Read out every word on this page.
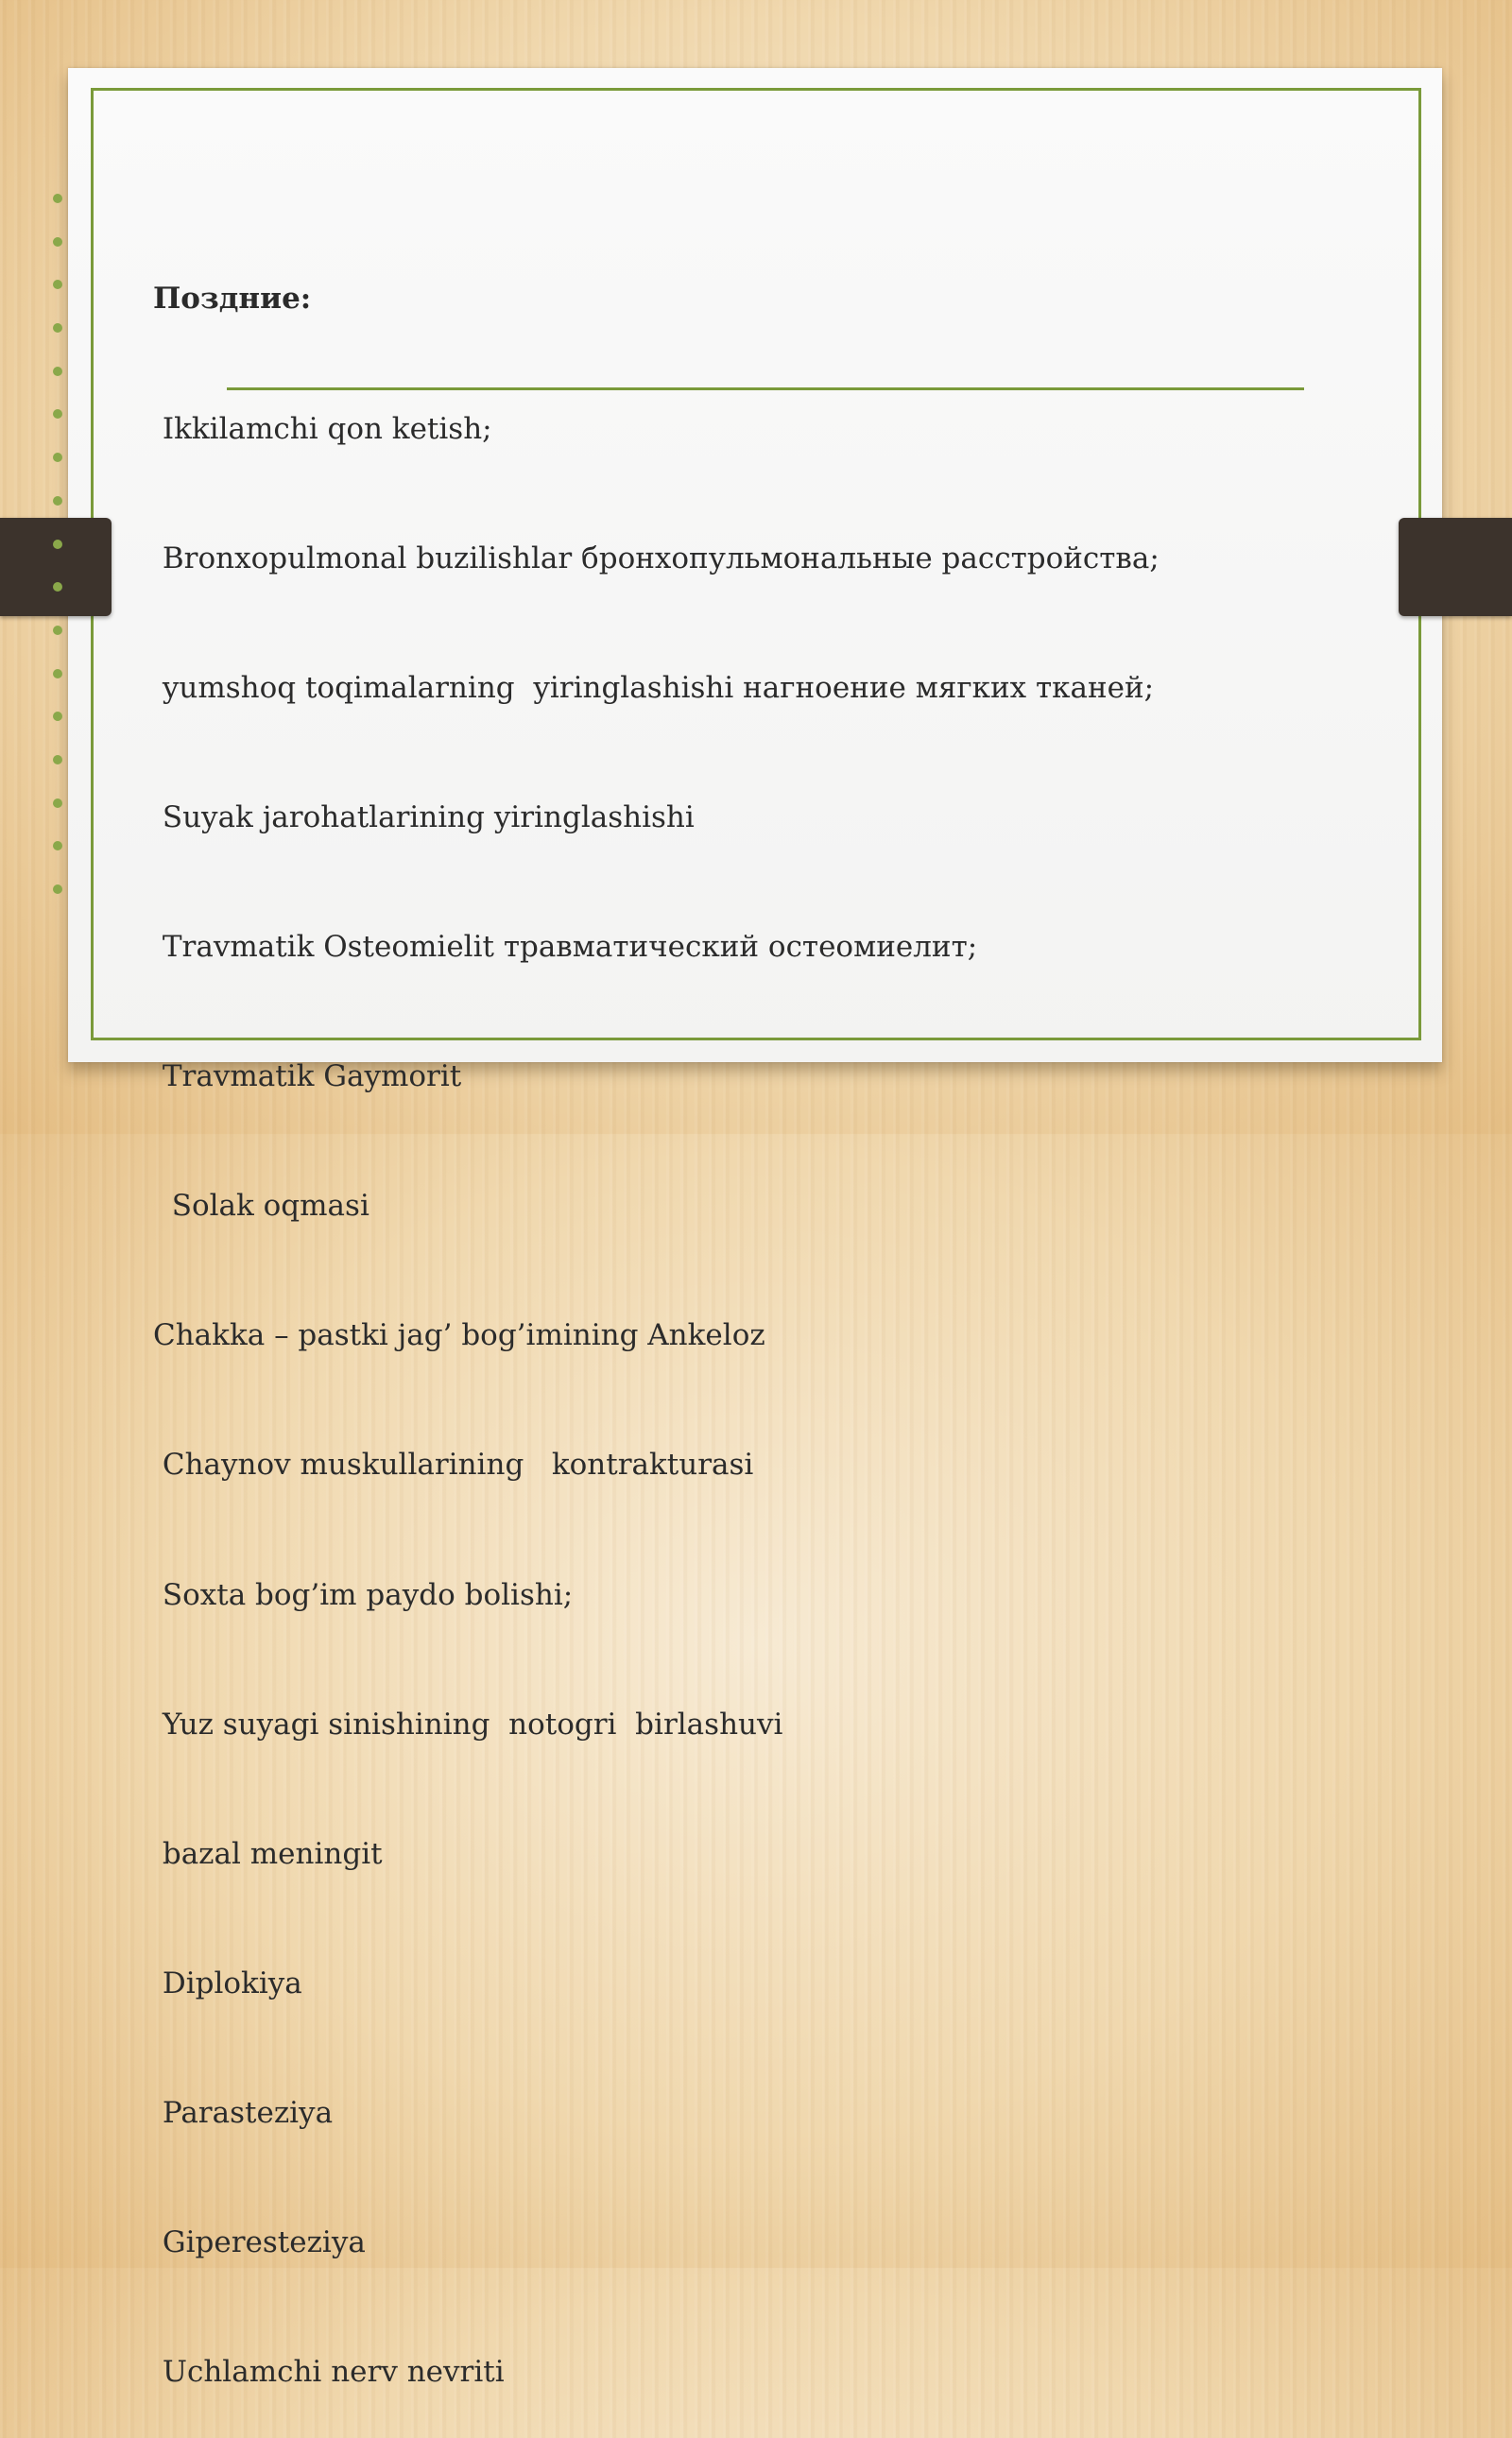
Поздние:

Ikkilamchi qon ketish;

Bronxopulmonal buzilishlar бронхопульмональные расстройства;

yumshoq toqimalarning  yiringlashishi нагноение мягких тканей;

Suyak jarohatlarining yiringlashishi

Travmatik Osteomielit травматический остеомиелит;

Travmatik Gaymorit

Solak oqmasi

Chakka – pastki jag’ bog’imining Ankeloz

Chaynov muskullarining   kontrakturasi

Soxta bog’im paydo bolishi;

Yuz suyagi sinishining  notogri  birlashuvi

bazal meningit

Diplokiya

Parasteziya

Giperesteziya

Uchlamchi nerv nevriti
